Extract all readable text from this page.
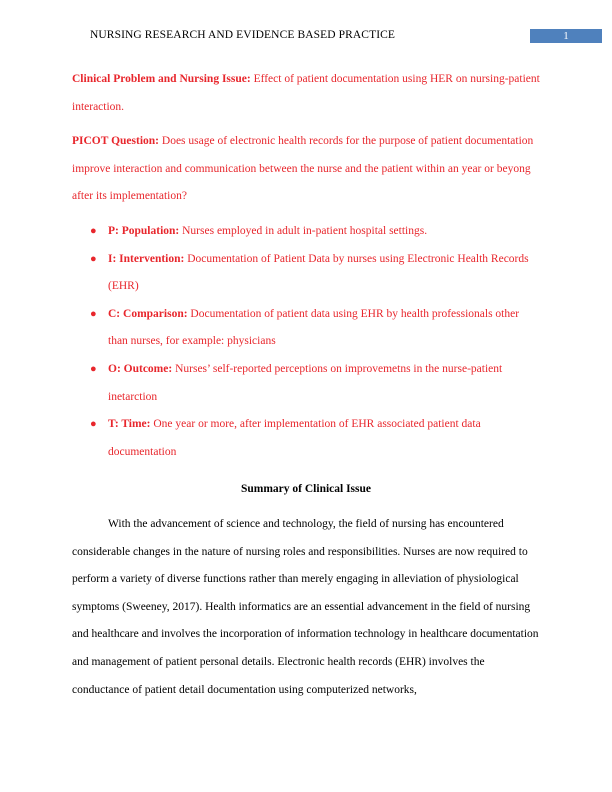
NURSING RESEARCH AND EVIDENCE BASED PRACTICE	1

Clinical Problem and Nursing Issue: Effect of patient documentation using HER on nursing-patient interaction.

PICOT Question: Does usage of electronic health records for the purpose of patient documentation improve interaction and communication between the nurse and the patient within an year or beyong after its implementation?

● P: Population: Nurses employed in adult in-patient hospital settings.
● I: Intervention: Documentation of Patient Data by nurses using Electronic Health Records (EHR)
● C: Comparison: Documentation of patient data using EHR by health professionals other than nurses, for example: physicians
● O: Outcome: Nurses’ self-reported perceptions on improvemetns in the nurse-patient inetarction
● T: Time: One year or more, after implementation of EHR associated patient data documentation
Summary of Clinical Issue

With the advancement of science and technology, the field of nursing has encountered considerable changes in the nature of nursing roles and responsibilities. Nurses are now required to perform a variety of diverse functions rather than merely engaging in alleviation of physiological symptoms (Sweeney, 2017). Health informatics are an essential advancement in the field of nursing and healthcare and involves the incorporation of information technology in healthcare documentation and management of patient personal details. Electronic health records (EHR) involves the conductance of patient detail documentation using computerized networks,
